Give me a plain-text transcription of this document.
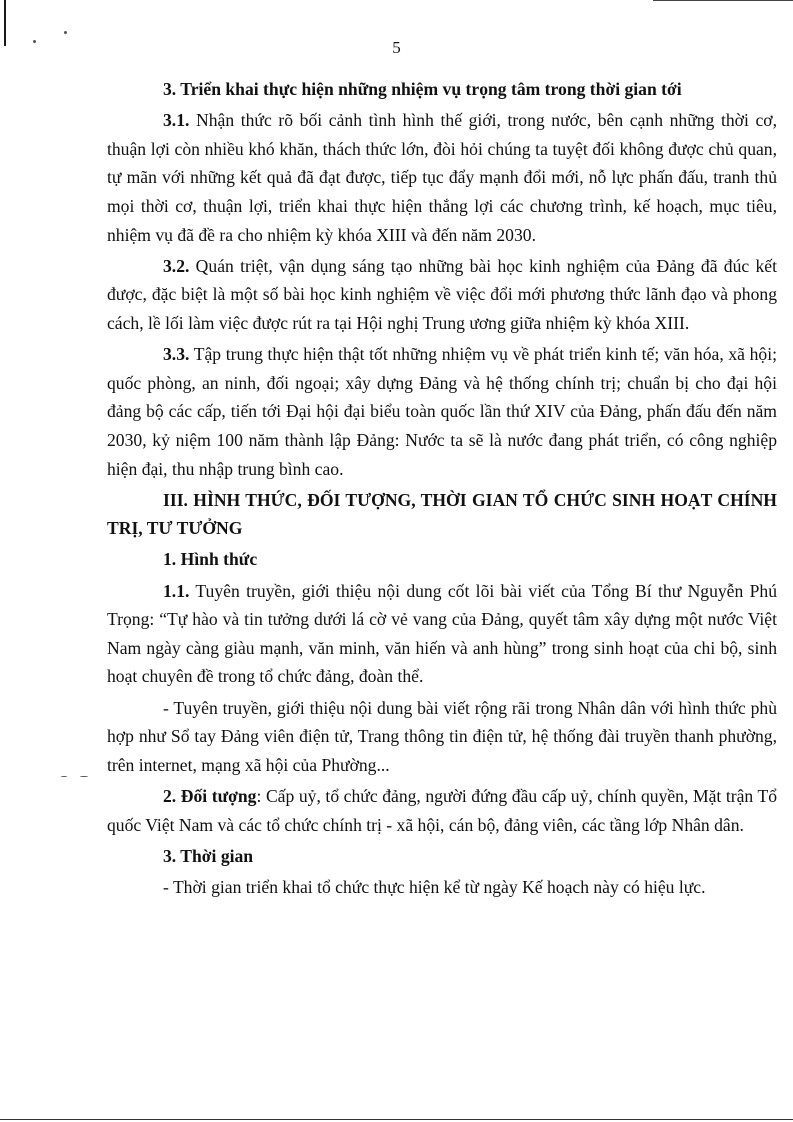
5

3. Triển khai thực hiện những nhiệm vụ trọng tâm trong thời gian tới

3.1. Nhận thức rõ bối cảnh tình hình thế giới, trong nước, bên cạnh những thời cơ, thuận lợi còn nhiều khó khăn, thách thức lớn, đòi hỏi chúng ta tuyệt đối không được chủ quan, tự mãn với những kết quả đã đạt được, tiếp tục đẩy mạnh đổi mới, nỗ lực phấn đấu, tranh thủ mọi thời cơ, thuận lợi, triển khai thực hiện thắng lợi các chương trình, kế hoạch, mục tiêu, nhiệm vụ đã đề ra cho nhiệm kỳ khóa XIII và đến năm 2030.

3.2. Quán triệt, vận dụng sáng tạo những bài học kinh nghiệm của Đảng đã đúc kết được, đặc biệt là một số bài học kinh nghiệm về việc đổi mới phương thức lãnh đạo và phong cách, lề lối làm việc được rút ra tại Hội nghị Trung ương giữa nhiệm kỳ khóa XIII.

3.3. Tập trung thực hiện thật tốt những nhiệm vụ về phát triển kinh tế; văn hóa, xã hội; quốc phòng, an ninh, đối ngoại; xây dựng Đảng và hệ thống chính trị; chuẩn bị cho đại hội đảng bộ các cấp, tiến tới Đại hội đại biểu toàn quốc lần thứ XIV của Đảng, phấn đấu đến năm 2030, kỷ niệm 100 năm thành lập Đảng: Nước ta sẽ là nước đang phát triển, có công nghiệp hiện đại, thu nhập trung bình cao.

III. HÌNH THỨC, ĐỐI TƯỢNG, THỜI GIAN TỔ CHỨC SINH HOẠT CHÍNH TRỊ, TƯ TƯỞNG

1. Hình thức

1.1. Tuyên truyền, giới thiệu nội dung cốt lõi bài viết của Tổng Bí thư Nguyễn Phú Trọng: “Tự hào và tin tưởng dưới lá cờ vẻ vang của Đảng, quyết tâm xây dựng một nước Việt Nam ngày càng giàu mạnh, văn minh, văn hiến và anh hùng” trong sinh hoạt của chi bộ, sinh hoạt chuyên đề trong tổ chức đảng, đoàn thể.

- Tuyên truyền, giới thiệu nội dung bài viết rộng rãi trong Nhân dân với hình thức phù hợp như Sổ tay Đảng viên điện tử, Trang thông tin điện tử, hệ thống đài truyền thanh phường, trên internet, mạng xã hội của Phường...

2. Đối tượng: Cấp uỷ, tổ chức đảng, người đứng đầu cấp uỷ, chính quyền, Mặt trận Tổ quốc Việt Nam và các tổ chức chính trị - xã hội, cán bộ, đảng viên, các tầng lớp Nhân dân.

3. Thời gian

- Thời gian triển khai tổ chức thực hiện kể từ ngày Kế hoạch này có hiệu lực.
